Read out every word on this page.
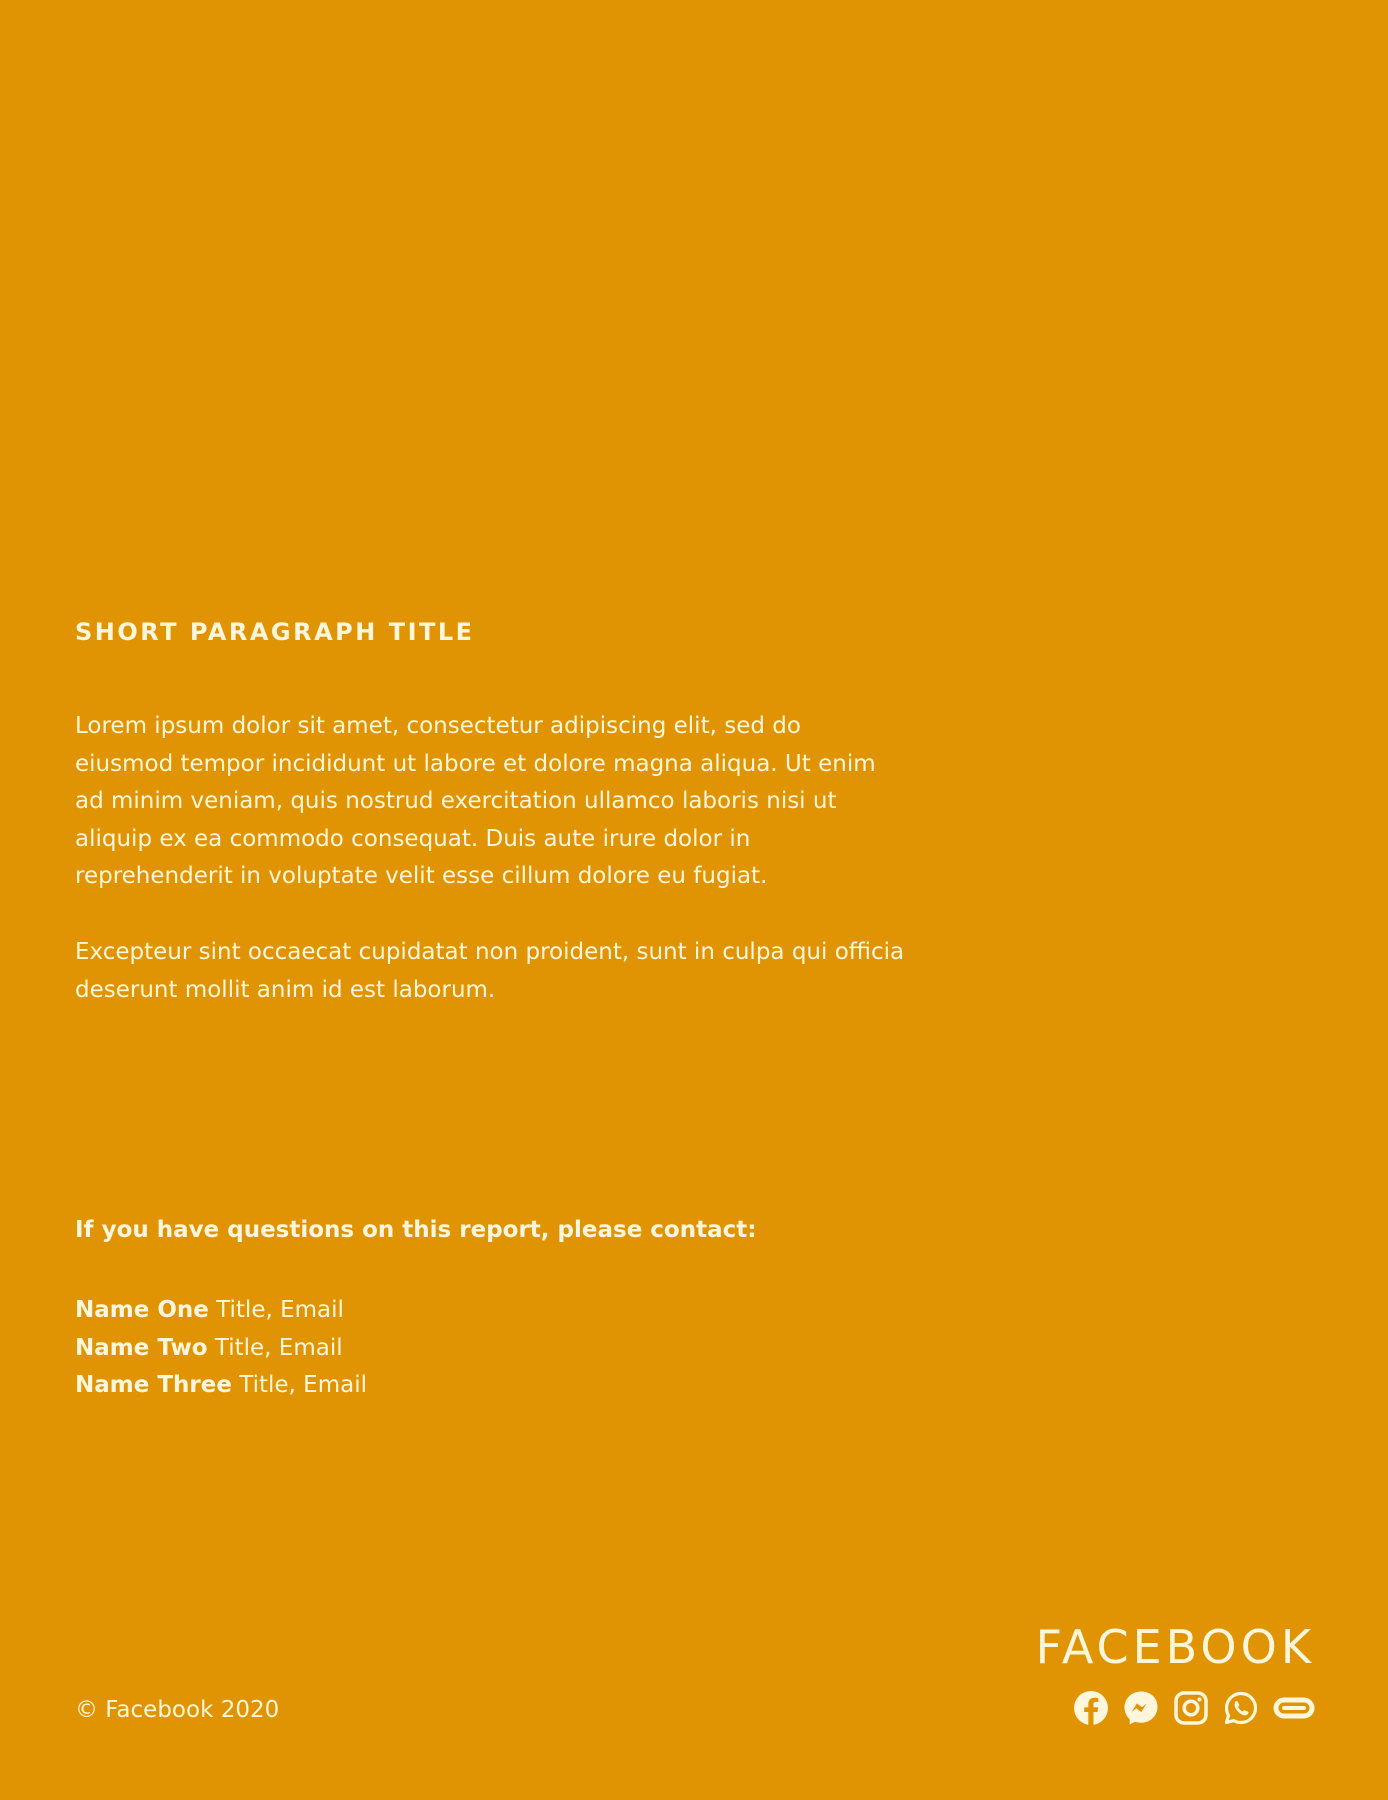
SHORT PARAGRAPH TITLE

Lorem ipsum dolor sit amet, consectetur adipiscing elit, sed do eiusmod tempor incididunt ut labore et dolore magna aliqua. Ut enim ad minim veniam, quis nostrud exercitation ullamco laboris nisi ut aliquip ex ea commodo consequat. Duis aute irure dolor in reprehenderit in voluptate velit esse cillum dolore eu fugiat.

Excepteur sint occaecat cupidatat non proident, sunt in culpa qui officia deserunt mollit anim id est laborum.

If you have questions on this report, please contact:
Name One Title, Email
Name Two Title, Email
Name Three Title, Email
© Facebook 2020
FACEBOOK
